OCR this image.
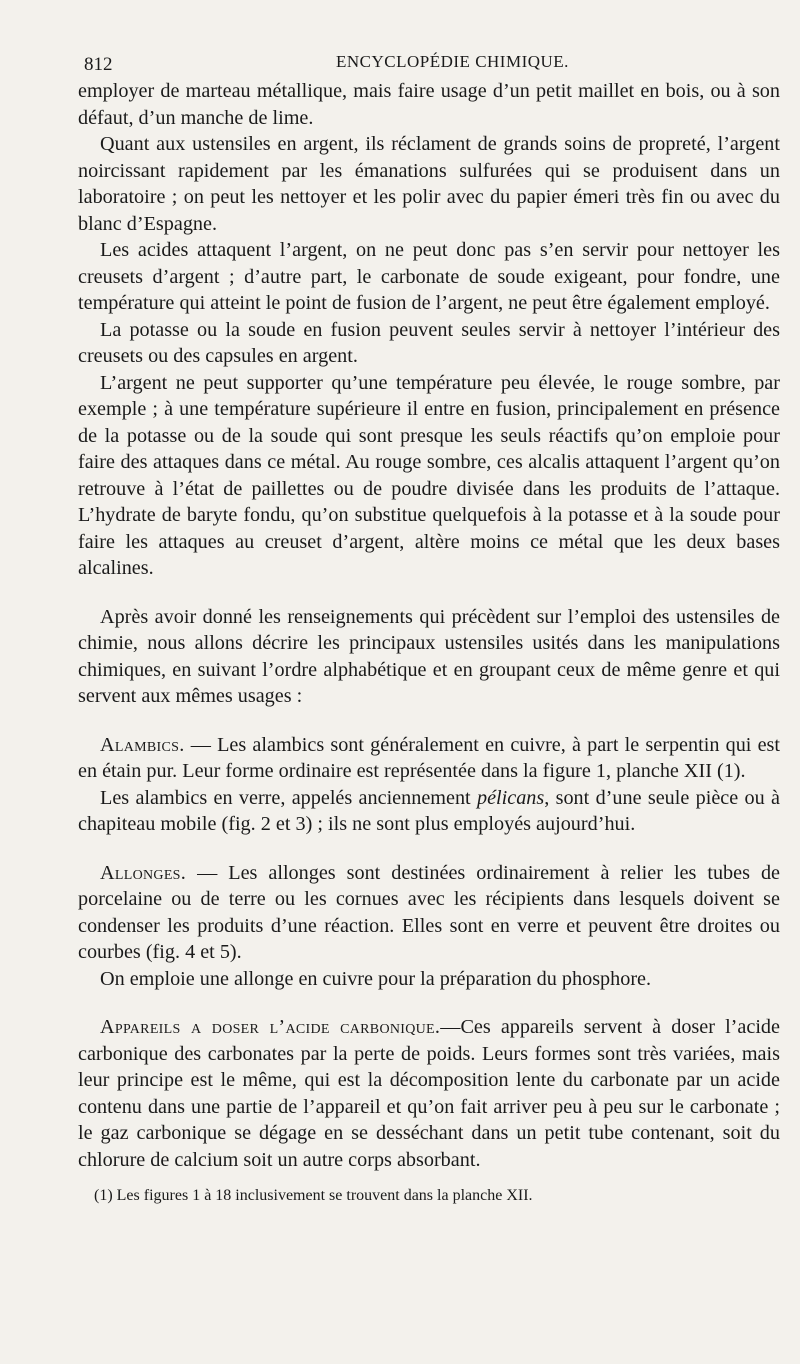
812	ENCYCLOPÉDIE CHIMIQUE.

employer de marteau métallique, mais faire usage d’un petit maillet en bois, ou à son défaut, d’un manche de lime.

Quant aux ustensiles en argent, ils réclament de grands soins de propreté, l’argent noircissant rapidement par les émanations sulfurées qui se produisent dans un laboratoire ; on peut les nettoyer et les polir avec du papier émeri très fin ou avec du blanc d’Espagne.

Les acides attaquent l’argent, on ne peut donc pas s’en servir pour nettoyer les creusets d’argent ; d’autre part, le carbonate de soude exigeant, pour fondre, une température qui atteint le point de fusion de l’argent, ne peut être également employé.

La potasse ou la soude en fusion peuvent seules servir à nettoyer l’intérieur des creusets ou des capsules en argent.

L’argent ne peut supporter qu’une température peu élevée, le rouge sombre, par exemple ; à une température supérieure il entre en fusion, principalement en présence de la potasse ou de la soude qui sont presque les seuls réactifs qu’on emploie pour faire des attaques dans ce métal. Au rouge sombre, ces alcalis attaquent l’argent qu’on retrouve à l’état de paillettes ou de poudre divisée dans les produits de l’attaque. L’hydrate de baryte fondu, qu’on substitue quelquefois à la potasse et à la soude pour faire les attaques au creuset d’argent, altère moins ce métal que les deux bases alcalines.

Après avoir donné les renseignements qui précèdent sur l’emploi des ustensiles de chimie, nous allons décrire les principaux ustensiles usités dans les manipulations chimiques, en suivant l’ordre alphabétique et en groupant ceux de même genre et qui servent aux mêmes usages :

Alambics. — Les alambics sont généralement en cuivre, à part le serpentin qui est en étain pur. Leur forme ordinaire est représentée dans la figure 1, planche XII (1).

Les alambics en verre, appelés anciennement pélicans, sont d’une seule pièce ou à chapiteau mobile (fig. 2 et 3) ; ils ne sont plus employés aujourd’hui.

Allonges. — Les allonges sont destinées ordinairement à relier les tubes de porcelaine ou de terre ou les cornues avec les récipients dans lesquels doivent se condenser les produits d’une réaction. Elles sont en verre et peuvent être droites ou courbes (fig. 4 et 5).

On emploie une allonge en cuivre pour la préparation du phosphore.

Appareils a doser l’acide carbonique.—Ces appareils servent à doser l’acide carbonique des carbonates par la perte de poids. Leurs formes sont très variées, mais leur principe est le même, qui est la décomposition lente du carbonate par un acide contenu dans une partie de l’appareil et qu’on fait arriver peu à peu sur le carbonate ; le gaz carbonique se dégage en se desséchant dans un petit tube contenant, soit du chlorure de calcium soit un autre corps absorbant.

(1) Les figures 1 à 18 inclusivement se trouvent dans la planche XII.
